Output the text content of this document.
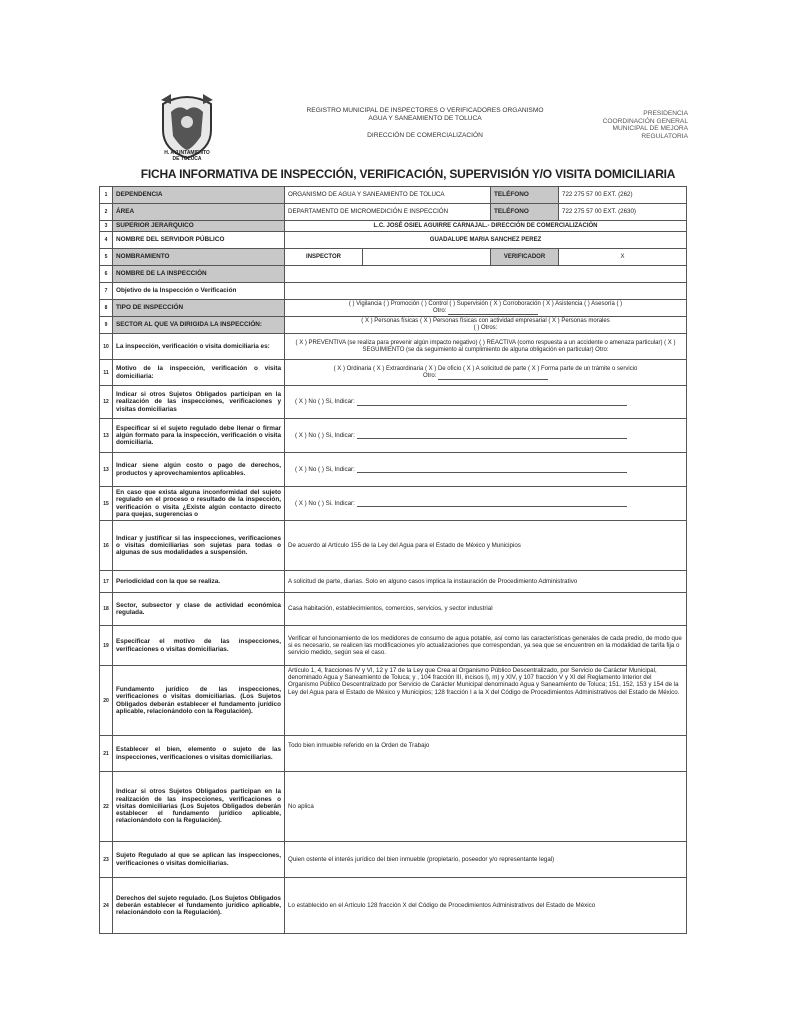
H. AYUNTAMIENTO
DE TOLUCA
REGISTRO MUNICIPAL DE INSPECTORES O VERIFICADORES ORGANISMO
AGUA Y SANEAMIENTO DE TOLUCA
DIRECCIÓN DE COMERCIALIZACIÓN
PRESIDENCIA
COORDINACIÓN GENERAL
MUNICIPAL DE MEJORA
REGULATORIA
FICHA INFORMATIVA DE INSPECCIÓN, VERIFICACIÓN, SUPERVISIÓN Y/O VISITA DOMICILIARIA
1	DEPENDENCIA	ORGANISMO DE AGUA Y SANEAMIENTO DE TOLUCA		TELÉFONO	722 275 57 00 EXT. (262)
2	ÁREA	DEPARTAMENTO DE MICROMEDICIÓN E INSPECCIÓN		TELÉFONO	722 275 57 00 EXT. (2630)
3	SUPERIOR JERARQUICO	L.C. JOSÉ OSIEL AGUIRRE CARNAJAL.- DIRECCIÓN DE COMERCIALIZACIÓN			
4	NOMBRE DEL SERVIDOR PÚBLICO	GUADALUPE MARIA SANCHEZ PEREZ			
5	NOMBRAMIENTO	INSPECTOR		VERIFICADOR	X
6	NOMBRE DE LA INSPECCIÓN				
7	Objetivo de la Inspección o Verificación				
8	TIPO DE INSPECCIÓN	( ) Vigilancia ( ) Promoción ( ) Control ( ) Supervisión ( X ) Corroboración ( X ) Asistencia ( ) Asesoría ( )
Otro:			

9	SECTOR AL QUE VA DIRIGIDA LA INSPECCIÓN:	( X ) Personas físicas ( X ) Personas físicas con actividad empresarial ( X ) Personas morales
( ) Otros:			

10	La inspección, verificación o visita domiciliaria es:	( X ) PREVENTIVA (se realiza para prevenir algún impacto negativo) ( ) REACTIVA (como respuesta a un accidente o amenaza particular) ( X ) SEGUIMIENTO (se da seguimiento al cumplimiento de alguna obligación en particular) Otro:			
11	Motivo de la inspección, verificación o visita domiciliaria:	( X ) Ordinaria ( X ) Extraordinaria ( X ) De oficio ( X ) A solicitud de parte ( X ) Forma parte de un trámite o servicio
Otro:			

12	Indicar si otros Sujetos Obligados participan en la realización de las inspecciones, verificaciones y visitas domiciliarias	( X ) No ( ) Si, Indicar:			
13	Especificar si el sujeto regulado debe llenar o firmar algún formato para la inspección, verificación o visita domiciliaria.	( X ) No ( ) Si, Indicar:			
13	Indicar siene algún costo o pago de derechos, productos y aprovechamientos aplicables.	( X ) No ( ) Si, Indicar:			
15	En caso que exista alguna inconformidad del sujeto regulado en el proceso o resultado de la inspección, verificación o visita ¿Existe algún contacto directo para quejas, sugerencias o	( X ) No ( ) Si. Indicar:			
16	Indicar y justificar si las inspecciones, verificaciones o visitas domiciliarias son sujetas para todas o algunas de sus modalidades a suspensión.	De acuerdo al Artículo 155 de la Ley del Agua para el Estado de México y Municipios			
17	Periodicidad con la que se realiza.	A solicitud de parte, diarias. Solo en alguno casos implica la instauración de Procedimiento Administrativo			
18	Sector, subsector y clase de actividad económica regulada.	Casa habitación, establecimientos, comercios, servicios, y sector industrial			
19	Especificar el motivo de las inspecciones, verificaciones o visitas domiciliarias.	Verificar el funcionamiento de los medidores de consumo de agua potable, así como las características generales de cada predio, de modo que si es necesario, se realicen las modificaciones y/o actualizaciones que correspondan, ya sea que se encuentren en la modalidad de tarifa fija o servicio medido, según sea el caso.			
20	Fundamento jurídico de las inspecciones, verificaciones o visitas domiciliarias. (Los Sujetos Obligados deberán establecer el fundamento jurídico aplicable, relacionándolo con la Regulación).	Artículo 1, 4, fracciones IV y VI, 12 y 17 de la Ley que Crea al Organismo Público Descentralizado, por Servicio de Carácter Municipal, denominado Agua y Saneamiento de Toluca; y , 104 fracción III, incisos l), m) y XIV, y 107 fracción V y XI del Reglamento Interior del Organismo Público Descentralizado por Servicio de Carácter Municipal denominado Agua y Saneamiento de Toluca; 151, 152, 153 y 154 de la Ley del Agua para el Estado de México y Municipios; 128 fracción I a la X del Código de Procedimientos Administrativos del Estado de México.			
21	Establecer el bien, elemento o sujeto de las inspecciones, verificaciones o visitas domiciliarias.	Todo bien inmueble referido en la Orden de Trabajo			
22	Indicar si otros Sujetos Obligados participan en la realización de las inspecciones, verificaciones o visitas domiciliarias (Los Sujetos Obligados deberán establecer el fundamento jurídico aplicable, relacionándolo con la Regulación).	No aplica			
23	Sujeto Regulado al que se aplican las inspecciones, verificaciones o visitas domiciliarias.	Quien ostente el interés jurídico del bien inmueble (propietario, poseedor y/o representante legal)			
24	Derechos del sujeto regulado. (Los Sujetos Obligados deberán establecer el fundamento jurídico aplicable, relacionándolo con la Regulación).	Lo establecido en el Artículo 128 fracción X del Código de Procedimientos Administrativos del Estado de México			
